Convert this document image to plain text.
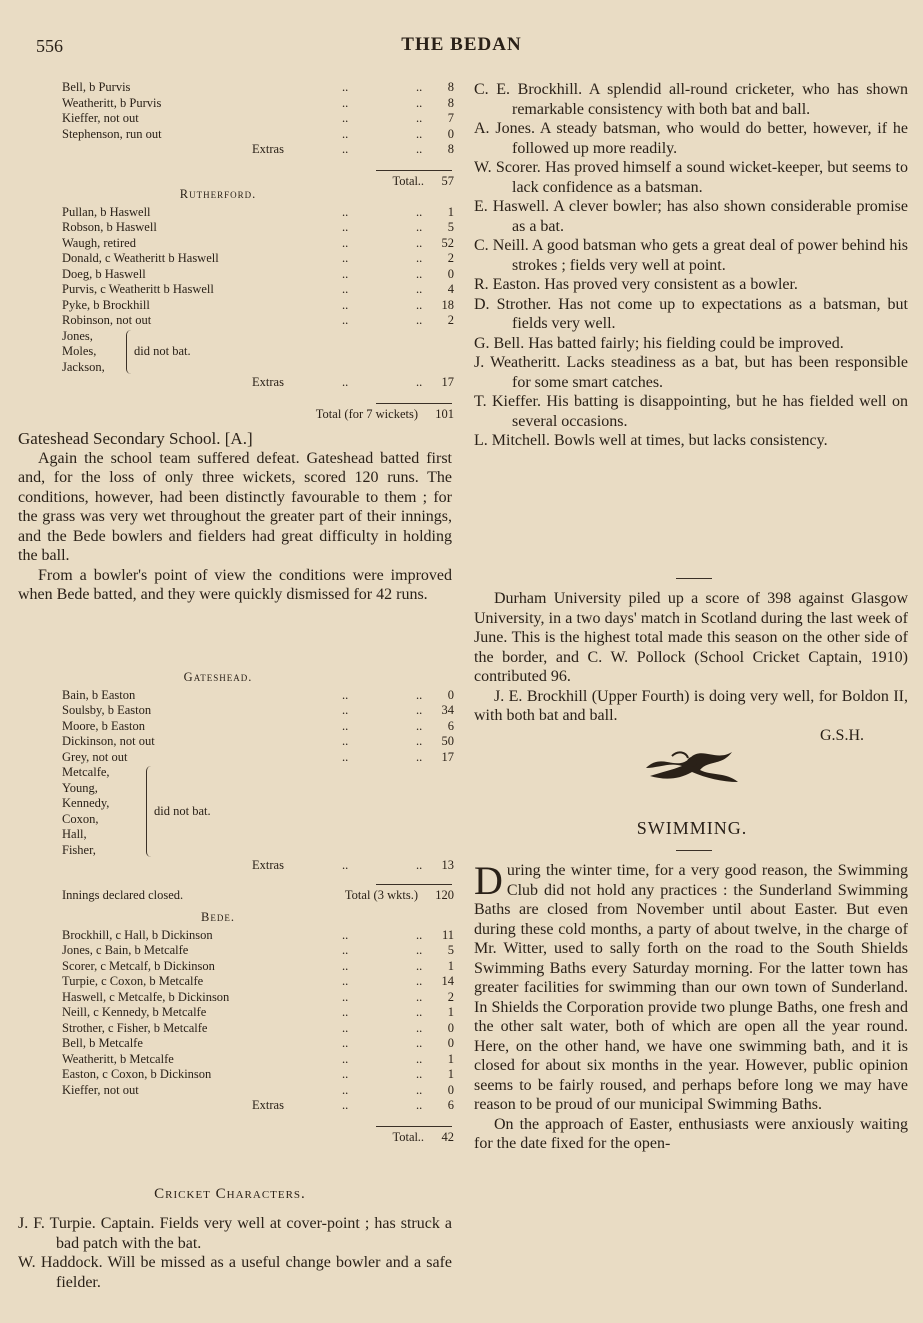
556	THE BEDAN
Bell, b Purvis	..	..	8
Weatheritt, b Purvis	..	..	8
Kieffer, not out	..	..	7
Stephenson, run out	..	..	0
Extras	..	..	8
Total ..	57
Rutherford.
Pullan, b Haswell	..	..	1
Robson, b Haswell	..	..	5
Waugh, retired	..	..	52
Donald, c Weatheritt b Haswell	..	..	2
Doeg, b Haswell	..	..	0
Purvis, c Weatheritt b Haswell	..	..	4
Pyke, b Brockhill	..	..	18
Robinson, not out	..	..	2
Jones,
Moles,
Jackson,
did not bat.
Extras	..	..	17
Total (for 7 wickets)	101

Gateshead Secondary School. [A.]

Again the school team suffered defeat. Gateshead batted first and, for the loss of only three wickets, scored 120 runs. The conditions, however, had been distinctly favourable to them ; for the grass was very wet throughout the greater part of their innings, and the Bede bowlers and fielders had great difficulty in holding the ball.

From a bowler's point of view the conditions were improved when Bede batted, and they were quickly dismissed for 42 runs.

Gateshead.
Bain, b Easton	..	..	0
Soulsby, b Easton	..	..	34
Moore, b Easton	..	..	6
Dickinson, not out	..	..	50
Grey, not out	..	..	17
Metcalfe,
Young,
Kennedy,
Coxon,
Hall,
Fisher,
did not bat.
Extras	..	..	13
Innings declared closed.	Total (3 wkts.)	120
Bede.
Brockhill, c Hall, b Dickinson	..	..	11
Jones, c Bain, b Metcalfe	..	..	5
Scorer, c Metcalf, b Dickinson	..	..	1
Turpie, c Coxon, b Metcalfe	..	..	14
Haswell, c Metcalfe, b Dickinson	..	..	2
Neill, c Kennedy, b Metcalfe	..	..	1
Strother, c Fisher, b Metcalfe	..	..	0
Bell, b Metcalfe	..	..	0
Weatheritt, b Metcalfe	..	..	1
Easton, c Coxon, b Dickinson	..	..	1
Kieffer, not out	..	..	0
Extras	..	..	6
Total ..	42
Cricket Characters.

J. F. Turpie. Captain. Fields very well at cover-point ; has struck a bad patch with the bat.

W. Haddock. Will be missed as a useful change bowler and a safe fielder.

C. E. Brockhill. A splendid all-round cricketer, who has shown remarkable consistency with both bat and ball.

A. Jones. A steady batsman, who would do better, however, if he followed up more readily.

W. Scorer. Has proved himself a sound wicket-keeper, but seems to lack confidence as a batsman.

E. Haswell. A clever bowler; has also shown considerable promise as a bat.

C. Neill. A good batsman who gets a great deal of power behind his strokes ; fields very well at point.

R. Easton. Has proved very consistent as a bowler.

D. Strother. Has not come up to expectations as a batsman, but fields very well.

G. Bell. Has batted fairly; his fielding could be improved.

J. Weatheritt. Lacks steadiness as a bat, but has been responsible for some smart catches.

T. Kieffer. His batting is disappointing, but he has fielded well on several occasions.

L. Mitchell. Bowls well at times, but lacks consistency.

Durham University piled up a score of 398 against Glasgow University, in a two days' match in Scotland during the last week of June. This is the highest total made this season on the other side of the border, and C. W. Pollock (School Cricket Captain, 1910) contributed 96.

J. E. Brockhill (Upper Fourth) is doing very well, for Boldon II, with both bat and ball.

G.S.H.

SWIMMING.

During the winter time, for a very good reason, the Swimming Club did not hold any practices : the Sunderland Swimming Baths are closed from November until about Easter. But even during these cold months, a party of about twelve, in the charge of Mr. Witter, used to sally forth on the road to the South Shields Swimming Baths every Saturday morning. For the latter town has greater facilities for swimming than our own town of Sunderland. In Shields the Corporation provide two plunge Baths, one fresh and the other salt water, both of which are open all the year round. Here, on the other hand, we have one swimming bath, and it is closed for about six months in the year. However, public opinion seems to be fairly roused, and perhaps before long we may have reason to be proud of our municipal Swimming Baths.

On the approach of Easter, enthusiasts were anxiously waiting for the date fixed for the open-
